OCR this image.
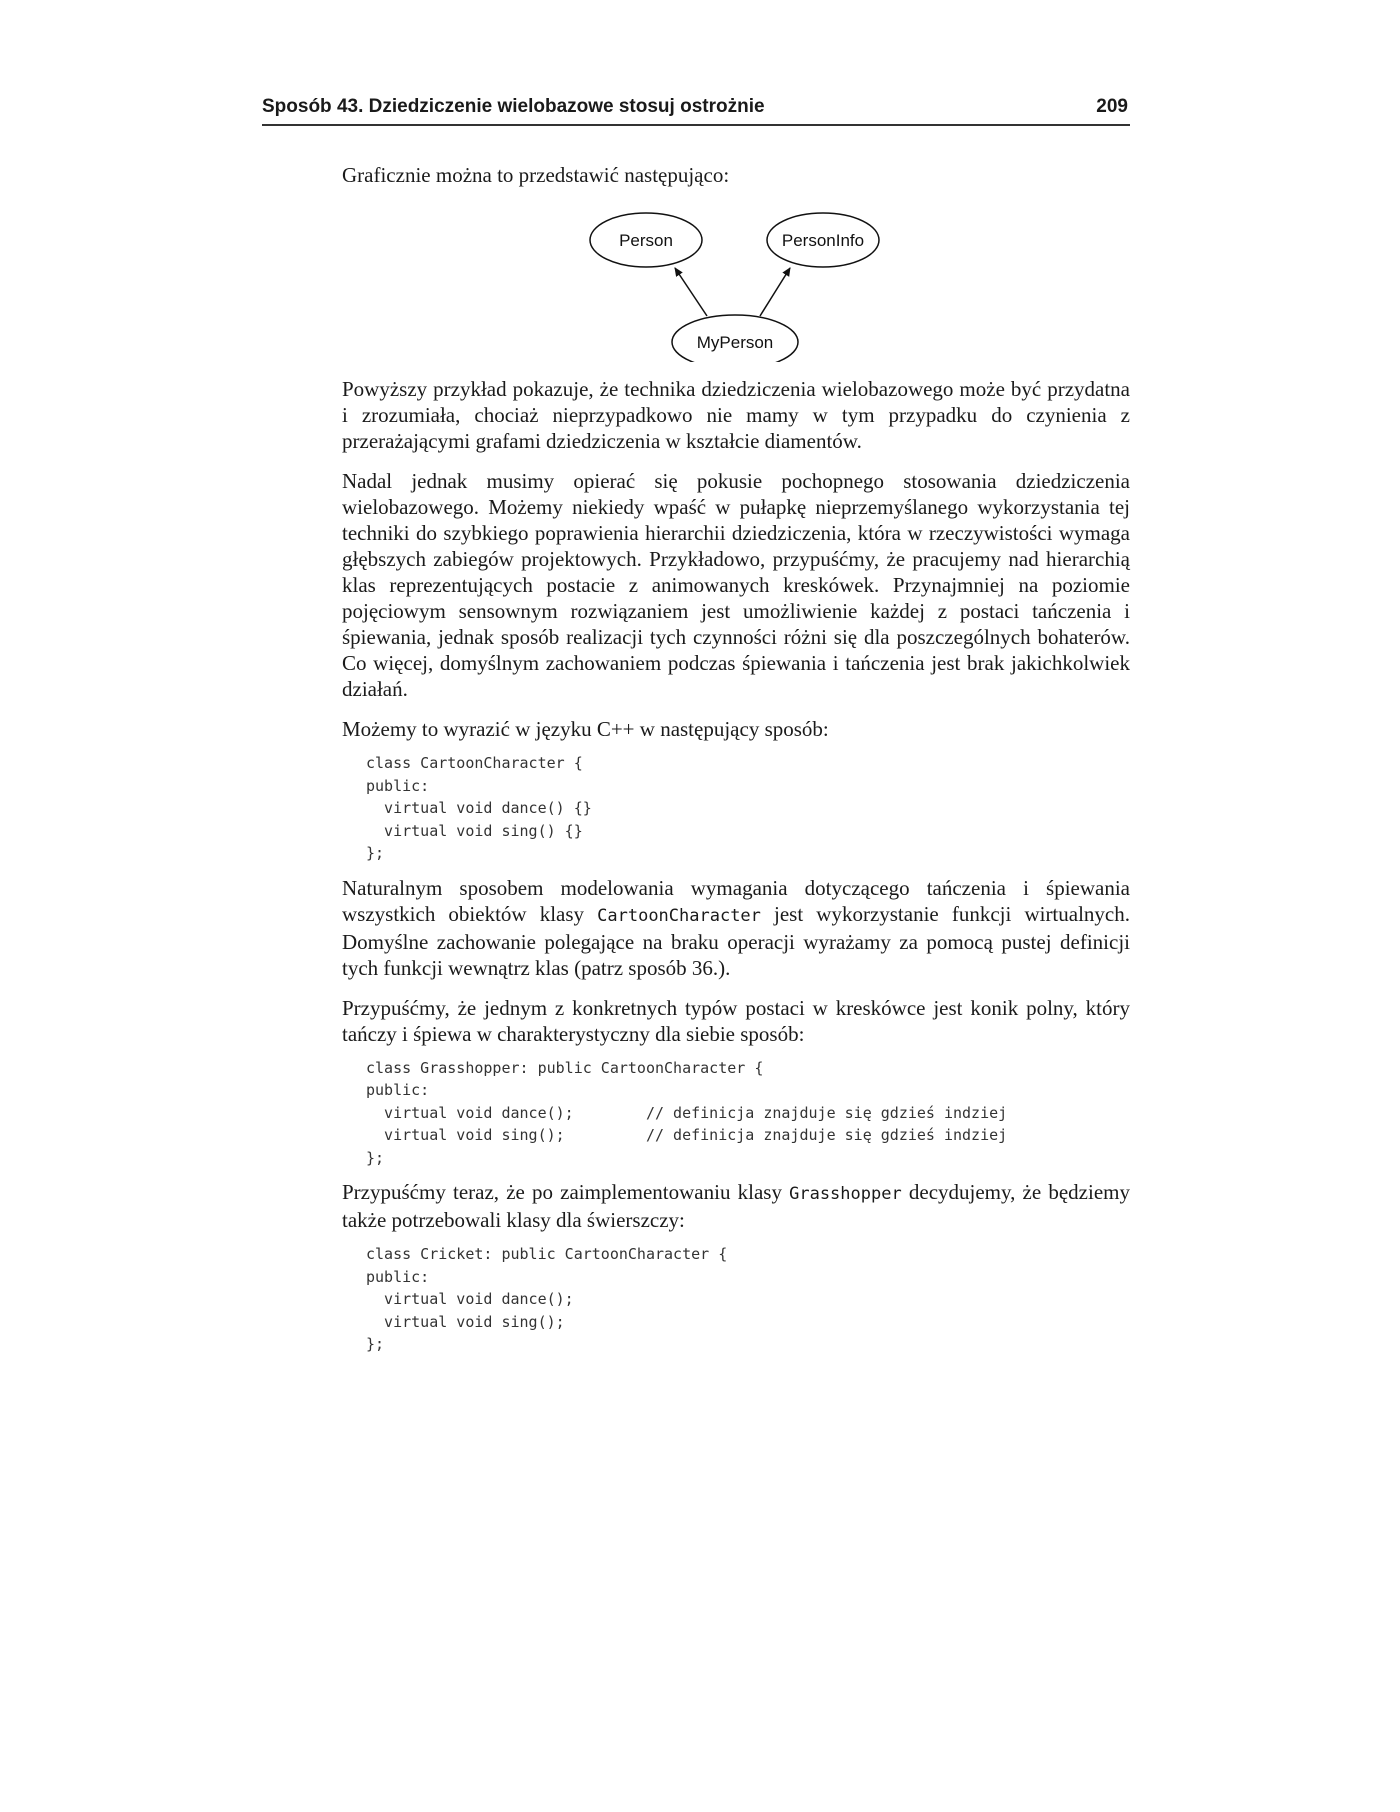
Sposób 43. Dziedziczenie wielobazowe stosuj ostrożnie	209

Graficznie można to przedstawić następująco:

Person	PersonInfo
MyPerson

Powyższy przykład pokazuje, że technika dziedziczenia wielobazowego może być przydatna i zrozumiała, chociaż nieprzypadkowo nie mamy w tym przypadku do czynienia z przerażającymi grafami dziedziczenia w kształcie diamentów.

Nadal jednak musimy opierać się pokusie pochopnego stosowania dziedziczenia wielobazowego. Możemy niekiedy wpaść w pułapkę nieprzemyślanego wykorzystania tej techniki do szybkiego poprawienia hierarchii dziedziczenia, która w rzeczywistości wymaga głębszych zabiegów projektowych. Przykładowo, przypuśćmy, że pracujemy nad hierarchią klas reprezentujących postacie z animowanych kreskówek. Przynajmniej na poziomie pojęciowym sensownym rozwiązaniem jest umożliwienie każdej z postaci tańczenia i śpiewania, jednak sposób realizacji tych czynności różni się dla poszczególnych bohaterów. Co więcej, domyślnym zachowaniem podczas śpiewania i tańczenia jest brak jakichkolwiek działań.

Możemy to wyrazić w języku C++ w następujący sposób:

class CartoonCharacter {
public:
virtual void dance() {}
virtual void sing() {}
};

Naturalnym sposobem modelowania wymagania dotyczącego tańczenia i śpiewania wszystkich obiektów klasy CartoonCharacter jest wykorzystanie funkcji wirtualnych. Domyślne zachowanie polegające na braku operacji wyrażamy za pomocą pustej definicji tych funkcji wewnątrz klas (patrz sposób 36.).

Przypuśćmy, że jednym z konkretnych typów postaci w kreskówce jest konik polny, który tańczy i śpiewa w charakterystyczny dla siebie sposób:

class Grasshopper: public CartoonCharacter {
public:
virtual void dance();        // definicja znajduje się gdzieś indziej
virtual void sing();         // definicja znajduje się gdzieś indziej
};

Przypuśćmy teraz, że po zaimplementowaniu klasy Grasshopper decydujemy, że będziemy także potrzebowali klasy dla świerszczy:

class Cricket: public CartoonCharacter {
public:
virtual void dance();
virtual void sing();
};
